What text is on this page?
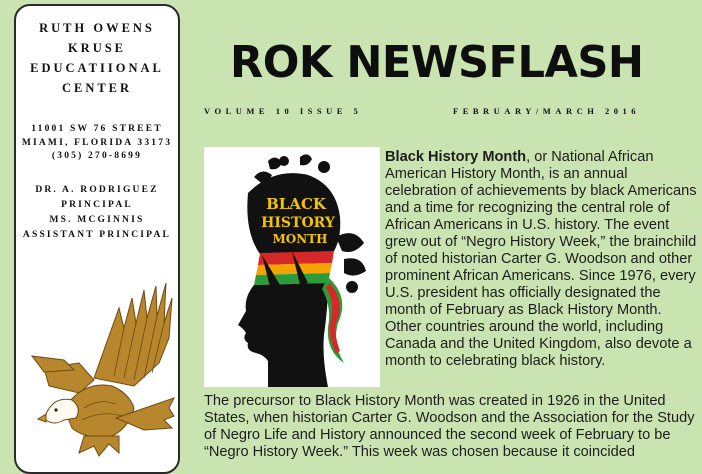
RUTH OWENS
KRUSE
EDUCATIIONAL
CENTER
11001 SW 76 STREET
MIAMI, FLORIDA 33173
(305) 270-8699
DR. A. RODRIGUEZ
PRINCIPAL
MS. MCGINNIS
ASSISTANT PRINCIPAL
ROK NEWSFLASH
VOLUME 10 ISSUE 5	FEBRUARY/MARCH 2016
BLACK
HISTORY
MONTH

Black History Month, or National African American History Month, is an annual celebration of achievements by black Americans and a time for recognizing the central role of African Americans in U.S. history. The event grew out of “Negro History Week,” the brainchild of noted historian Carter G. Woodson and other prominent African Americans. Since 1976, every U.S. president has officially designated the month of February as Black History Month. Other countries around the world, including Canada and the United Kingdom, also devote a month to celebrating black history.

The precursor to Black History Month was created in 1926 in the United States, when historian Carter G. Woodson and the Association for the Study of Negro Life and History announced the second week of February to be “Negro History Week.” This week was chosen because it coincided
